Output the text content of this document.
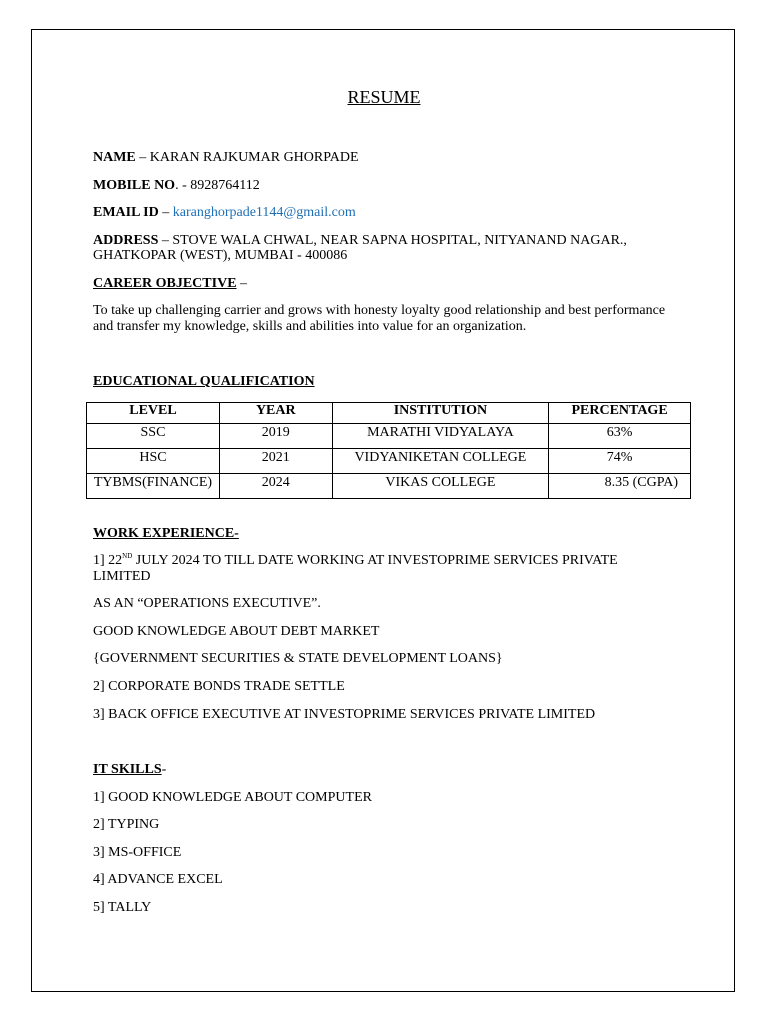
RESUME
NAME – KARAN RAJKUMAR GHORPADE
MOBILE NO. - 8928764112
EMAIL ID – karanghorpade1144@gmail.com
ADDRESS – STOVE WALA CHWAL, NEAR SAPNA HOSPITAL, NITYANAND NAGAR.,
GHATKOPAR (WEST), MUMBAI - 400086
CAREER OBJECTIVE –
To take up challenging carrier and grows with honesty loyalty good relationship and best performance
and transfer my knowledge, skills and abilities into value for an organization.
EDUCATIONAL QUALIFICATION
LEVEL	YEAR	INSTITUTION	PERCENTAGE
SSC	2019	MARATHI VIDYALAYA	63%
HSC	2021	VIDYANIKETAN COLLEGE	74%
TYBMS(FINANCE)	2024	VIKAS COLLEGE	8.35 (CGPA)
WORK EXPERIENCE-
1] 22ND JULY 2024 TO TILL DATE WORKING AT INVESTOPRIME SERVICES PRIVATE
LIMITED
AS AN “OPERATIONS EXECUTIVE”.
GOOD KNOWLEDGE ABOUT DEBT MARKET
{GOVERNMENT SECURITIES & STATE DEVELOPMENT LOANS}
2] CORPORATE BONDS TRADE SETTLE
3] BACK OFFICE EXECUTIVE AT INVESTOPRIME SERVICES PRIVATE LIMITED
IT SKILLS-
1] GOOD KNOWLEDGE ABOUT COMPUTER
2] TYPING
3] MS-OFFICE
4] ADVANCE EXCEL
5] TALLY
